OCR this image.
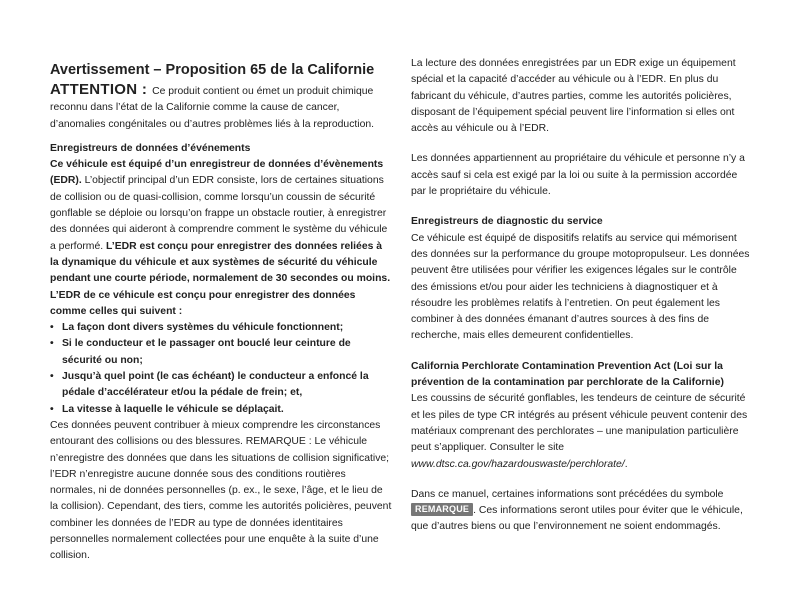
Avertissement – Proposition 65 de la Californie

ATTENTION : Ce produit contient ou émet un produit chimique reconnu dans l’état de la Californie comme la cause de cancer, d’anomalies congénitales ou d’autres problèmes liés à la reproduction.

Enregistreurs de données d’événements

Ce véhicule est équipé d’un enregistreur de données d’évènements (EDR). L’objectif principal d’un EDR consiste, lors de certaines situations de collision ou de quasi-collision, comme lorsqu’un coussin de sécurité gonflable se déploie ou lorsqu’on frappe un obstacle routier, à enregistrer des données qui aideront à comprendre comment le système du véhicule a performé. L’EDR est conçu pour enregistrer des données reliées à la dynamique du véhicule et aux systèmes de sécurité du véhicule pendant une courte période, normalement de 30 secondes ou moins. L’EDR de ce véhicule est conçu pour enregistrer des données comme celles qui suivent :

• La façon dont divers systèmes du véhicule fonctionnent;
• Si le conducteur et le passager ont bouclé leur ceinture de sécurité ou non;
• Jusqu’à quel point (le cas échéant) le conducteur a enfoncé la pédale d’accélérateur et/ou la pédale de frein; et,
• La vitesse à laquelle le véhicule se déplaçait.

Ces données peuvent contribuer à mieux comprendre les circonstances entourant des collisions ou des blessures. REMARQUE : Le véhicule n’enregistre des données que dans les situations de collision significative; l’EDR n’enregistre aucune donnée sous des conditions routières normales, ni de données personnelles (p. ex., le sexe, l’âge, et le lieu de la collision). Cependant, des tiers, comme les autorités policières, peuvent combiner les données de l’EDR au type de données identitaires personnelles normalement collectées pour une enquête à la suite d’une collision.

La lecture des données enregistrées par un EDR exige un équipement spécial et la capacité d’accéder au véhicule ou à l’EDR. En plus du fabricant du véhicule, d’autres parties, comme les autorités policières, disposant de l’équipement spécial peuvent lire l’information si elles ont accès au véhicule ou à l’EDR.

Les données appartiennent au propriétaire du véhicule et personne n’y a accès sauf si cela est exigé par la loi ou suite à la permission accordée par le propriétaire du véhicule.

Enregistreurs de diagnostic du service

Ce véhicule est équipé de dispositifs relatifs au service qui mémorisent des données sur la performance du groupe motopropulseur. Les données peuvent être utilisées pour vérifier les exigences légales sur le contrôle des émissions et/ou pour aider les techniciens à diagnostiquer et à résoudre les problèmes relatifs à l’entretien. On peut également les combiner à des données émanant d’autres sources à des fins de recherche, mais elles demeurent confidentielles.

California Perchlorate Contamination Prevention Act (Loi sur la prévention de la contamination par perchlorate de la Californie)

Les coussins de sécurité gonflables, les tendeurs de ceinture de sécurité et les piles de type CR intégrés au présent véhicule peuvent contenir des matériaux comprenant des perchlorates – une manipulation particulière peut s’appliquer. Consulter le site www.dtsc.ca.gov/hazardouswaste/perchlorate/.

Dans ce manuel, certaines informations sont précédées du symbole REMARQUE . Ces informations seront utiles pour éviter que le véhicule, que d’autres biens ou que l’environnement ne soient endommagés.
